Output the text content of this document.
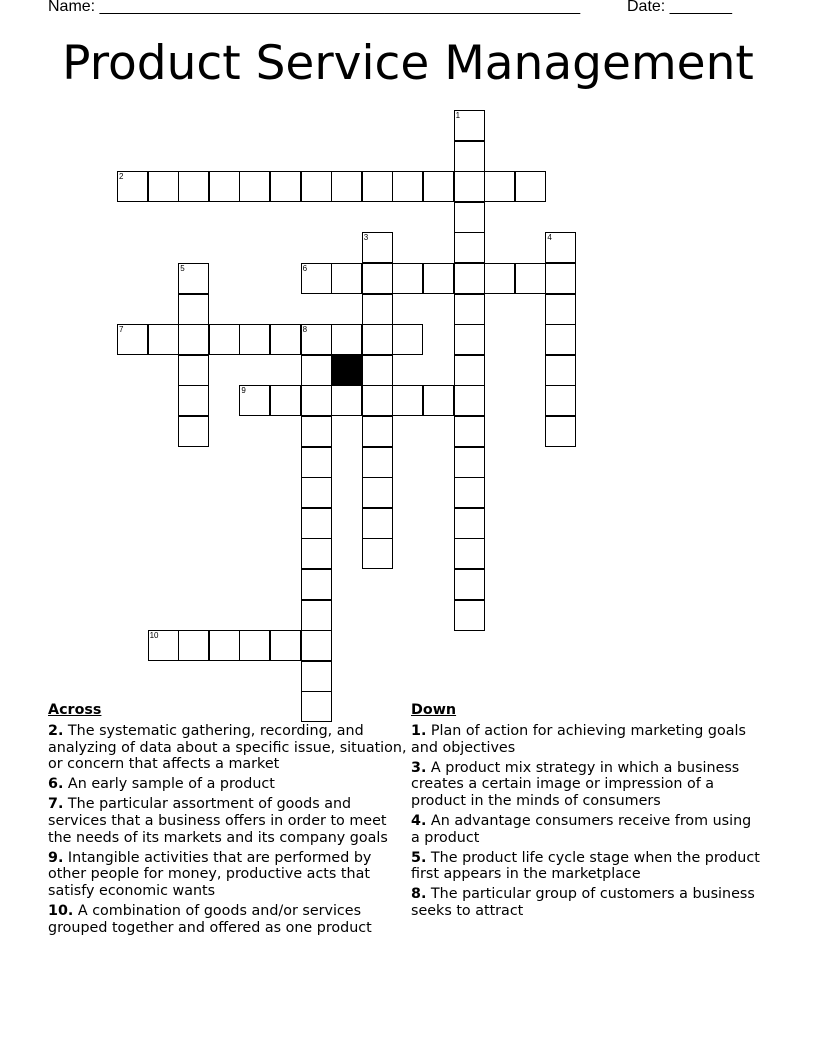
Name: ______________________________________________________	Date: _______
Product Service Management
1
2
3	4
5	6
7	8
9
10
Across
2. The systematic gathering, recording, and analyzing of data about a specific issue, situation, or concern that affects a market
6. An early sample of a product
7. The particular assortment of goods and services that a business offers in order to meet the needs of its markets and its company goals
9. Intangible activities that are performed by other people for money, productive acts that satisfy economic wants
10. A combination of goods and/or services grouped together and offered as one product
Down
1. Plan of action for achieving marketing goals and objectives
3. A product mix strategy in which a business creates a certain image or impression of a product in the minds of consumers
4. An advantage consumers receive from using a product
5. The product life cycle stage when the product first appears in the marketplace
8. The particular group of customers a business seeks to attract
